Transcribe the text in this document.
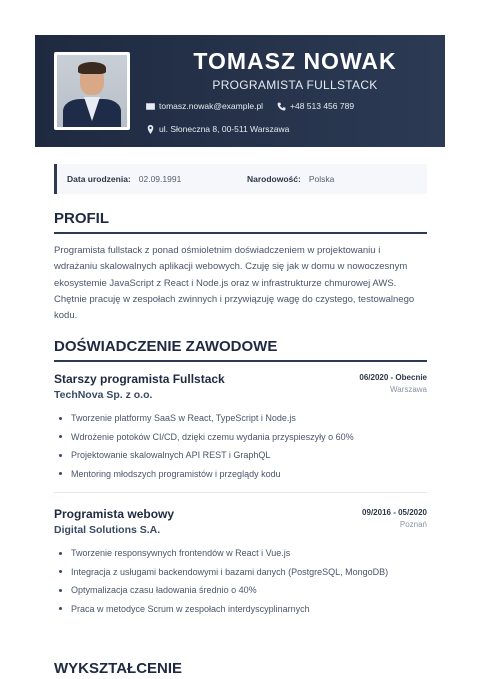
TOMASZ NOWAK
PROGRAMISTA FULLSTACK
tomasz.nowak@example.pl	+48 513 456 789
ul. Słoneczna 8, 00-511 Warszawa
Data urodzenia: 02.09.1991	Narodowość: Polska
PROFIL
Programista fullstack z ponad ośmioletnim doświadczeniem w projektowaniu i wdrażaniu skalowalnych aplikacji webowych. Czuję się jak w domu w nowoczesnym ekosystemie JavaScript z React i Node.js oraz w infrastrukturze chmurowej AWS. Chętnie pracuję w zespołach zwinnych i przywiązuję wagę do czystego, testowalnego kodu.
DOŚWIADCZENIE ZAWODOWE
Starszy programista Fullstack
TechNova Sp. z o.o.
06/2020 - Obecnie
Warszawa
Tworzenie platformy SaaS w React, TypeScript i Node.js
Wdrożenie potoków CI/CD, dzięki czemu wydania przyspieszyły o 60%
Projektowanie skalowalnych API REST i GraphQL
Mentoring młodszych programistów i przeglądy kodu
Programista webowy
Digital Solutions S.A.
09/2016 - 05/2020
Poznań
Tworzenie responsywnych frontendów w React i Vue.js
Integracja z usługami backendowymi i bazami danych (PostgreSQL, MongoDB)
Optymalizacja czasu ładowania średnio o 40%
Praca w metodyce Scrum w zespołach interdyscyplinarnych
WYKSZTAŁCENIE
